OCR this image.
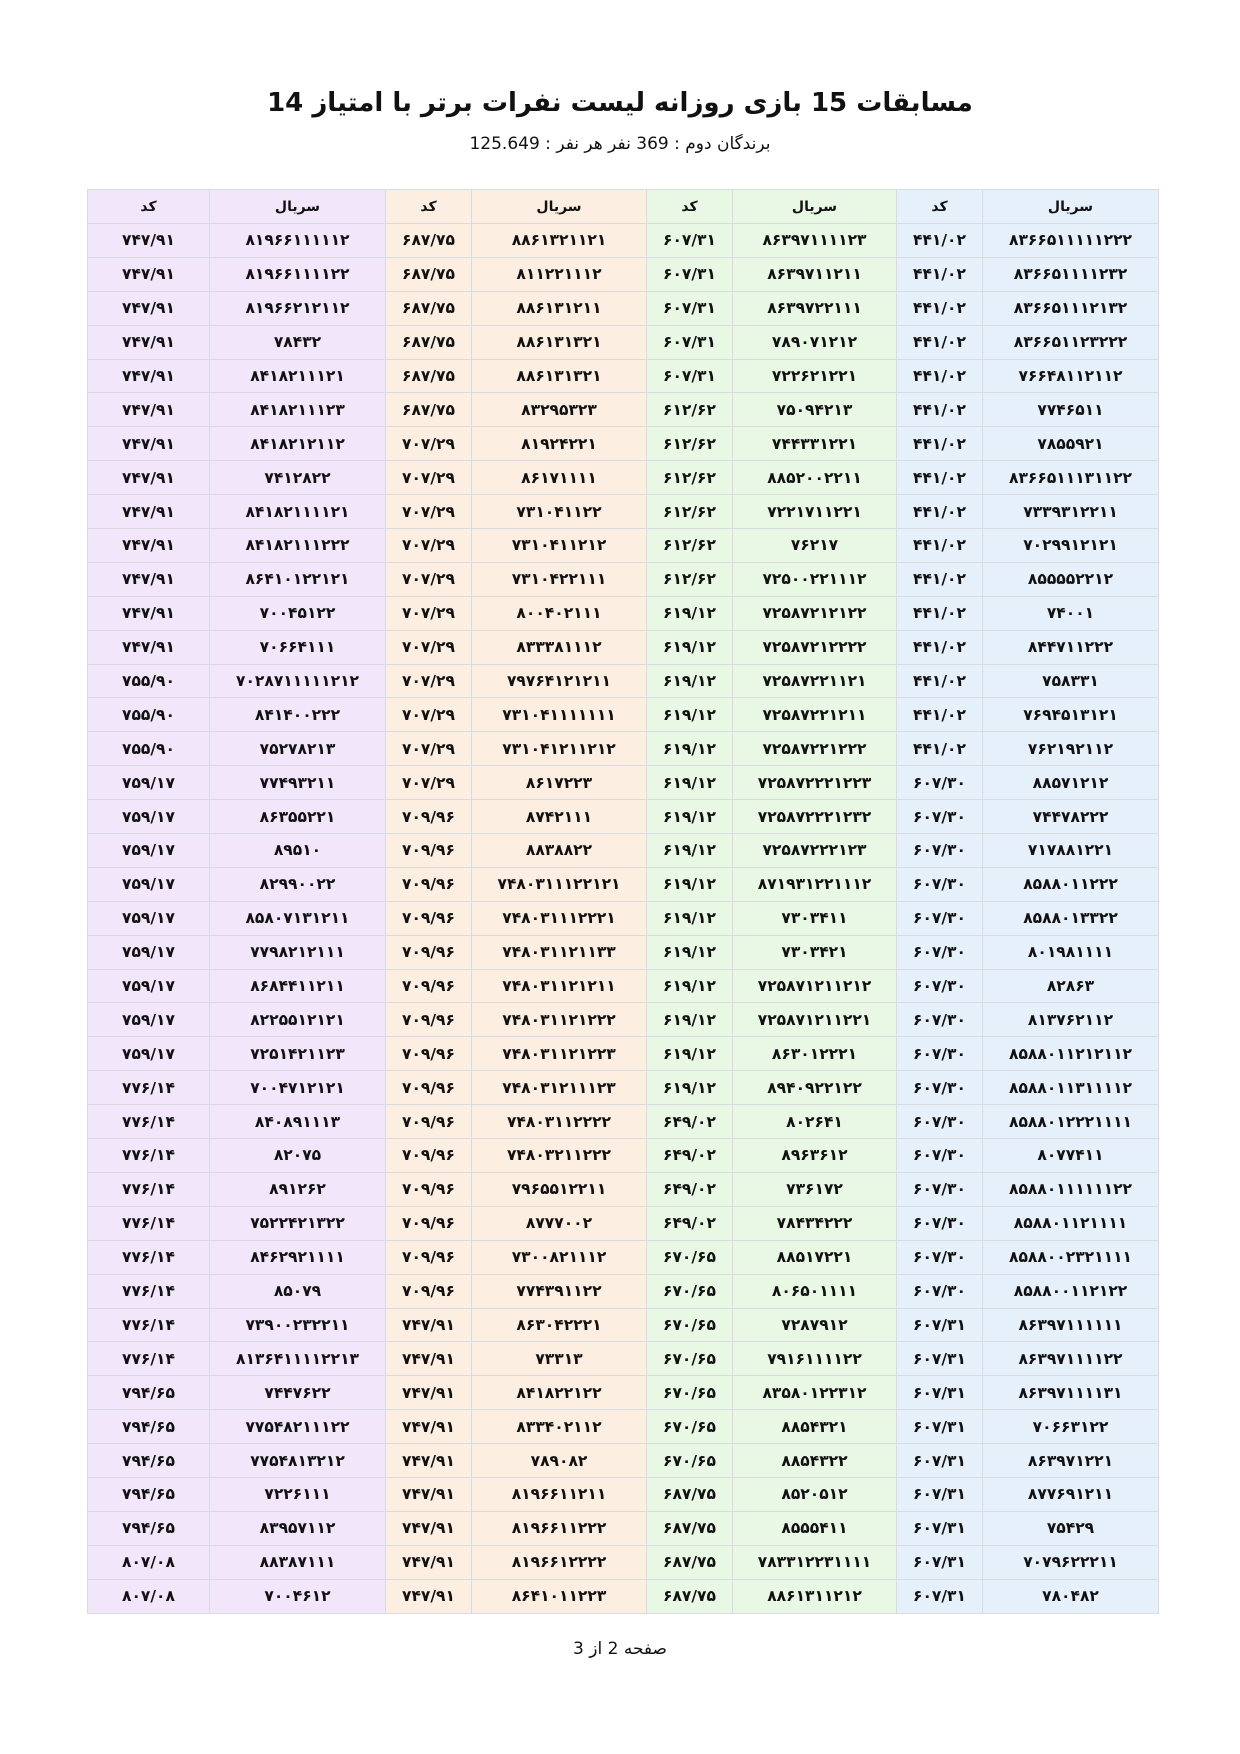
مسابقات 15 بازی روزانه لیست نفرات برتر با امتیاز 14
برندگان دوم : 369 نفر هر نفر : 125.649
سریال	کد	سریال	کد	سریال	کد	سریال	کد
۸۳۶۶۵۱۱۱۱۱۲۲۲	۴۴۱/۰۲	۸۶۳۹۷۱۱۱۱۲۳	۶۰۷/۳۱	۸۸۶۱۳۲۱۱۲۱	۶۸۷/۷۵	۸۱۹۶۶۱۱۱۱۱۲	۷۴۷/۹۱
۸۳۶۶۵۱۱۱۱۲۳۲	۴۴۱/۰۲	۸۶۳۹۷۱۱۲۱۱	۶۰۷/۳۱	۸۱۱۲۲۱۱۱۲	۶۸۷/۷۵	۸۱۹۶۶۱۱۱۱۲۲	۷۴۷/۹۱
۸۳۶۶۵۱۱۱۲۱۳۲	۴۴۱/۰۲	۸۶۳۹۷۲۲۱۱۱	۶۰۷/۳۱	۸۸۶۱۳۱۲۱۱	۶۸۷/۷۵	۸۱۹۶۶۲۱۲۱۱۲	۷۴۷/۹۱
۸۳۶۶۵۱۱۲۳۲۲۲	۴۴۱/۰۲	۷۸۹۰۷۱۲۱۲	۶۰۷/۳۱	۸۸۶۱۳۱۳۲۱	۶۸۷/۷۵	۷۸۴۳۲	۷۴۷/۹۱
۷۶۶۴۸۱۱۲۱۱۲	۴۴۱/۰۲	۷۲۲۶۲۱۲۲۱	۶۰۷/۳۱	۸۸۶۱۳۱۳۲۱	۶۸۷/۷۵	۸۴۱۸۲۱۱۱۲۱	۷۴۷/۹۱
۷۷۴۶۵۱۱	۴۴۱/۰۲	۷۵۰۹۴۲۱۳	۶۱۲/۶۲	۸۳۲۹۵۳۲۳	۶۸۷/۷۵	۸۴۱۸۲۱۱۱۲۳	۷۴۷/۹۱
۷۸۵۵۹۲۱	۴۴۱/۰۲	۷۴۴۳۳۱۲۲۱	۶۱۲/۶۲	۸۱۹۲۴۲۲۱	۷۰۷/۲۹	۸۴۱۸۲۱۲۱۱۲	۷۴۷/۹۱
۸۳۶۶۵۱۱۱۳۱۱۲۲	۴۴۱/۰۲	۸۸۵۲۰۰۲۲۱۱	۶۱۲/۶۲	۸۶۱۷۱۱۱۱	۷۰۷/۲۹	۷۴۱۲۸۲۲	۷۴۷/۹۱
۷۳۳۹۳۱۲۲۱۱	۴۴۱/۰۲	۷۲۲۱۷۱۱۲۲۱	۶۱۲/۶۲	۷۳۱۰۴۱۱۲۲	۷۰۷/۲۹	۸۴۱۸۲۱۱۱۱۲۱	۷۴۷/۹۱
۷۰۲۹۹۱۲۱۲۱	۴۴۱/۰۲	۷۶۲۱۷	۶۱۲/۶۲	۷۳۱۰۴۱۱۲۱۲	۷۰۷/۲۹	۸۴۱۸۲۱۱۱۲۲۲	۷۴۷/۹۱
۸۵۵۵۵۲۲۱۲	۴۴۱/۰۲	۷۲۵۰۰۲۲۱۱۱۲	۶۱۲/۶۲	۷۳۱۰۴۲۲۱۱۱	۷۰۷/۲۹	۸۶۴۱۰۱۲۲۱۲۱	۷۴۷/۹۱
۷۴۰۰۱	۴۴۱/۰۲	۷۲۵۸۷۲۱۲۱۲۲	۶۱۹/۱۲	۸۰۰۴۰۲۱۱۱	۷۰۷/۲۹	۷۰۰۴۵۱۲۲	۷۴۷/۹۱
۸۴۴۷۱۱۲۲۲	۴۴۱/۰۲	۷۲۵۸۷۲۱۲۲۲۲	۶۱۹/۱۲	۸۳۳۳۸۱۱۱۲	۷۰۷/۲۹	۷۰۶۶۴۱۱۱	۷۴۷/۹۱
۷۵۸۳۳۱	۴۴۱/۰۲	۷۲۵۸۷۲۲۱۱۲۱	۶۱۹/۱۲	۷۹۷۶۴۱۲۱۲۱۱	۷۰۷/۲۹	۷۰۲۸۷۱۱۱۱۱۲۱۲	۷۵۵/۹۰
۷۶۹۴۵۱۳۱۲۱	۴۴۱/۰۲	۷۲۵۸۷۲۲۱۲۱۱	۶۱۹/۱۲	۷۳۱۰۴۱۱۱۱۱۱۱	۷۰۷/۲۹	۸۴۱۴۰۰۲۲۲	۷۵۵/۹۰
۷۶۲۱۹۲۱۱۲	۴۴۱/۰۲	۷۲۵۸۷۲۲۱۲۲۲	۶۱۹/۱۲	۷۳۱۰۴۱۲۱۱۲۱۲	۷۰۷/۲۹	۷۵۲۷۸۲۱۳	۷۵۵/۹۰
۸۸۵۷۱۲۱۲	۶۰۷/۳۰	۷۲۵۸۷۲۲۲۱۲۲۳	۶۱۹/۱۲	۸۶۱۷۲۲۳	۷۰۷/۲۹	۷۷۴۹۳۲۱۱	۷۵۹/۱۷
۷۴۴۷۸۲۲۲	۶۰۷/۳۰	۷۲۵۸۷۲۲۲۱۲۳۲	۶۱۹/۱۲	۸۷۴۲۱۱۱	۷۰۹/۹۶	۸۶۳۵۵۲۲۱	۷۵۹/۱۷
۷۱۷۸۸۱۲۲۱	۶۰۷/۳۰	۷۲۵۸۷۲۲۲۱۲۳	۶۱۹/۱۲	۸۸۳۸۸۲۲	۷۰۹/۹۶	۸۹۵۱۰	۷۵۹/۱۷
۸۵۸۸۰۱۱۲۲۲	۶۰۷/۳۰	۸۷۱۹۳۱۲۲۱۱۱۲	۶۱۹/۱۲	۷۴۸۰۳۱۱۱۲۲۱۲۱	۷۰۹/۹۶	۸۲۹۹۰۰۲۲	۷۵۹/۱۷
۸۵۸۸۰۱۳۳۲۲	۶۰۷/۳۰	۷۳۰۳۴۱۱	۶۱۹/۱۲	۷۴۸۰۳۱۱۱۲۲۲۱	۷۰۹/۹۶	۸۵۸۰۷۱۳۱۲۱۱	۷۵۹/۱۷
۸۰۱۹۸۱۱۱۱	۶۰۷/۳۰	۷۳۰۳۴۲۱	۶۱۹/۱۲	۷۴۸۰۳۱۱۲۱۱۳۳	۷۰۹/۹۶	۷۷۹۸۲۱۲۱۱۱	۷۵۹/۱۷
۸۲۸۶۳	۶۰۷/۳۰	۷۲۵۸۷۱۲۱۱۲۱۲	۶۱۹/۱۲	۷۴۸۰۳۱۱۲۱۲۱۱	۷۰۹/۹۶	۸۶۸۴۴۱۱۲۱۱	۷۵۹/۱۷
۸۱۳۷۶۲۱۱۲	۶۰۷/۳۰	۷۲۵۸۷۱۲۱۱۲۲۱	۶۱۹/۱۲	۷۴۸۰۳۱۱۲۱۲۲۲	۷۰۹/۹۶	۸۲۲۵۵۱۲۱۲۱	۷۵۹/۱۷
۸۵۸۸۰۱۱۲۱۲۱۱۲	۶۰۷/۳۰	۸۶۳۰۱۲۲۲۱	۶۱۹/۱۲	۷۴۸۰۳۱۱۲۱۲۲۳	۷۰۹/۹۶	۷۲۵۱۴۲۱۱۲۳	۷۵۹/۱۷
۸۵۸۸۰۱۱۳۱۱۱۱۲	۶۰۷/۳۰	۸۹۴۰۹۲۲۱۲۲	۶۱۹/۱۲	۷۴۸۰۳۱۲۱۱۱۲۳	۷۰۹/۹۶	۷۰۰۴۷۱۲۱۲۱	۷۷۶/۱۴
۸۵۸۸۰۱۲۲۲۱۱۱۱	۶۰۷/۳۰	۸۰۲۶۴۱	۶۴۹/۰۲	۷۴۸۰۳۱۱۲۲۲۲	۷۰۹/۹۶	۸۴۰۸۹۱۱۱۳	۷۷۶/۱۴
۸۰۷۷۴۱۱	۶۰۷/۳۰	۸۹۶۳۶۱۲	۶۴۹/۰۲	۷۴۸۰۳۲۱۱۲۲۲	۷۰۹/۹۶	۸۲۰۷۵	۷۷۶/۱۴
۸۵۸۸۰۱۱۱۱۱۱۲۲	۶۰۷/۳۰	۷۳۶۱۷۲	۶۴۹/۰۲	۷۹۶۵۵۱۲۲۱۱	۷۰۹/۹۶	۸۹۱۲۶۲	۷۷۶/۱۴
۸۵۸۸۰۱۱۲۱۱۱۱	۶۰۷/۳۰	۷۸۴۳۴۲۲۲	۶۴۹/۰۲	۸۷۷۷۰۰۲	۷۰۹/۹۶	۷۵۲۲۴۲۱۳۲۲	۷۷۶/۱۴
۸۵۸۸۰۰۲۳۲۱۱۱۱	۶۰۷/۳۰	۸۸۵۱۷۲۲۱	۶۷۰/۶۵	۷۳۰۰۸۲۱۱۱۲	۷۰۹/۹۶	۸۴۶۲۹۲۱۱۱۱	۷۷۶/۱۴
۸۵۸۸۰۰۱۱۲۱۲۲	۶۰۷/۳۰	۸۰۶۵۰۱۱۱۱	۶۷۰/۶۵	۷۷۴۳۹۱۱۲۲	۷۰۹/۹۶	۸۵۰۷۹	۷۷۶/۱۴
۸۶۳۹۷۱۱۱۱۱۱	۶۰۷/۳۱	۷۲۸۷۹۱۲	۶۷۰/۶۵	۸۶۳۰۴۲۲۲۱	۷۴۷/۹۱	۷۳۹۰۰۲۳۲۲۱۱	۷۷۶/۱۴
۸۶۳۹۷۱۱۱۱۲۲	۶۰۷/۳۱	۷۹۱۶۱۱۱۱۲۲	۶۷۰/۶۵	۷۳۳۱۳	۷۴۷/۹۱	۸۱۳۶۴۱۱۱۱۲۲۱۳	۷۷۶/۱۴
۸۶۳۹۷۱۱۱۱۳۱	۶۰۷/۳۱	۸۳۵۸۰۱۲۲۳۱۲	۶۷۰/۶۵	۸۴۱۸۲۲۱۲۲	۷۴۷/۹۱	۷۴۴۷۶۲۲	۷۹۴/۶۵
۷۰۶۶۳۱۲۲	۶۰۷/۳۱	۸۸۵۴۳۲۱	۶۷۰/۶۵	۸۳۳۴۰۲۱۱۲	۷۴۷/۹۱	۷۷۵۴۸۲۱۱۱۲۲	۷۹۴/۶۵
۸۶۳۹۷۱۲۲۱	۶۰۷/۳۱	۸۸۵۴۳۲۲	۶۷۰/۶۵	۷۸۹۰۸۲	۷۴۷/۹۱	۷۷۵۴۸۱۳۲۱۲	۷۹۴/۶۵
۸۷۷۶۹۱۲۱۱	۶۰۷/۳۱	۸۵۲۰۵۱۲	۶۸۷/۷۵	۸۱۹۶۶۱۱۲۱۱	۷۴۷/۹۱	۷۲۲۶۱۱۱	۷۹۴/۶۵
۷۵۴۲۹	۶۰۷/۳۱	۸۵۵۵۴۱۱	۶۸۷/۷۵	۸۱۹۶۶۱۱۲۲۲	۷۴۷/۹۱	۸۳۹۵۷۱۱۲	۷۹۴/۶۵
۷۰۷۹۶۲۲۲۱۱	۶۰۷/۳۱	۷۸۳۳۱۲۲۳۱۱۱۱	۶۸۷/۷۵	۸۱۹۶۶۱۲۲۲۲	۷۴۷/۹۱	۸۸۳۸۷۱۱۱	۸۰۷/۰۸
۷۸۰۴۸۲	۶۰۷/۳۱	۸۸۶۱۳۱۱۲۱۲	۶۸۷/۷۵	۸۶۴۱۰۱۱۲۲۳	۷۴۷/۹۱	۷۰۰۴۶۱۲	۸۰۷/۰۸
صفحه 2 از 3
